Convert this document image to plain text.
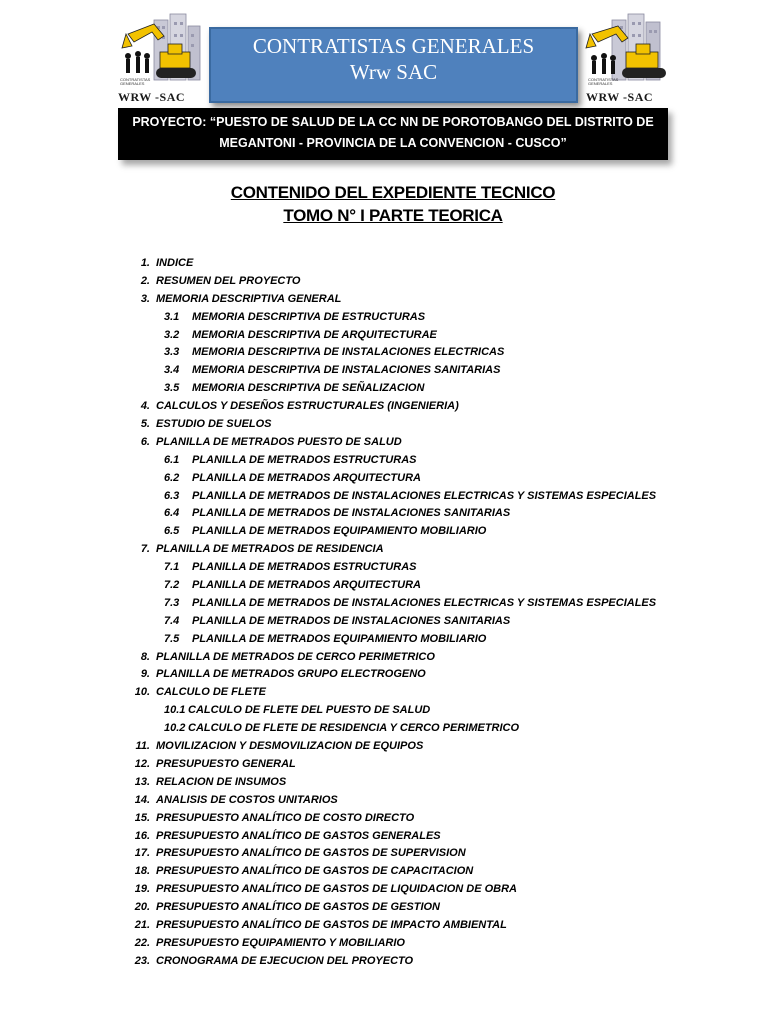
CONTRATISTAS
GENERALES
WRW -SAC
CONTRATISTAS
GENERALES
WRW -SAC
CONTRATISTAS GENERALES
Wrw SAC
PROYECTO: “PUESTO DE SALUD DE LA CC NN DE POROTOBANGO DEL DISTRITO DE
MEGANTONI - PROVINCIA DE LA CONVENCION - CUSCO”
CONTENIDO DEL EXPEDIENTE TECNICO
TOMO N° I PARTE TEORICA
1. INDICE
2. RESUMEN DEL PROYECTO
3. MEMORIA DESCRIPTIVA GENERAL
3.1 MEMORIA DESCRIPTIVA DE ESTRUCTURAS
3.2 MEMORIA DESCRIPTIVA DE ARQUITECTURAE
3.3 MEMORIA DESCRIPTIVA DE INSTALACIONES ELECTRICAS
3.4 MEMORIA DESCRIPTIVA DE INSTALACIONES SANITARIAS
3.5 MEMORIA DESCRIPTIVA DE SEÑALIZACION
4. CALCULOS Y DESEÑOS ESTRUCTURALES (INGENIERIA)
5. ESTUDIO DE SUELOS
6. PLANILLA DE METRADOS PUESTO DE SALUD
6.1 PLANILLA DE METRADOS ESTRUCTURAS
6.2 PLANILLA DE METRADOS ARQUITECTURA
6.3 PLANILLA DE METRADOS DE INSTALACIONES ELECTRICAS Y SISTEMAS ESPECIALES
6.4 PLANILLA DE METRADOS DE INSTALACIONES SANITARIAS
6.5 PLANILLA DE METRADOS EQUIPAMIENTO MOBILIARIO
7. PLANILLA DE METRADOS DE RESIDENCIA
7.1 PLANILLA DE METRADOS ESTRUCTURAS
7.2 PLANILLA DE METRADOS ARQUITECTURA
7.3 PLANILLA DE METRADOS DE INSTALACIONES ELECTRICAS Y SISTEMAS ESPECIALES
7.4 PLANILLA DE METRADOS DE INSTALACIONES SANITARIAS
7.5 PLANILLA DE METRADOS EQUIPAMIENTO MOBILIARIO
8. PLANILLA DE METRADOS DE CERCO PERIMETRICO
9. PLANILLA DE METRADOS GRUPO ELECTROGENO
10. CALCULO DE FLETE
10.1 CALCULO DE FLETE DEL PUESTO DE SALUD
10.2 CALCULO DE FLETE DE RESIDENCIA Y CERCO PERIMETRICO
11. MOVILIZACION Y DESMOVILIZACION DE EQUIPOS
12. PRESUPUESTO GENERAL
13. RELACION DE INSUMOS
14. ANALISIS DE COSTOS UNITARIOS
15. PRESUPUESTO ANALÍTICO DE COSTO DIRECTO
16. PRESUPUESTO ANALÍTICO DE GASTOS GENERALES
17. PRESUPUESTO ANALÍTICO DE GASTOS DE SUPERVISION
18. PRESUPUESTO ANALÍTICO DE GASTOS DE CAPACITACION
19. PRESUPUESTO ANALÍTICO DE GASTOS DE LIQUIDACION DE OBRA
20. PRESUPUESTO ANALÍTICO DE GASTOS DE GESTION
21. PRESUPUESTO ANALÍTICO DE GASTOS DE IMPACTO AMBIENTAL
22. PRESUPUESTO EQUIPAMIENTO Y MOBILIARIO
23. CRONOGRAMA DE EJECUCION DEL PROYECTO
